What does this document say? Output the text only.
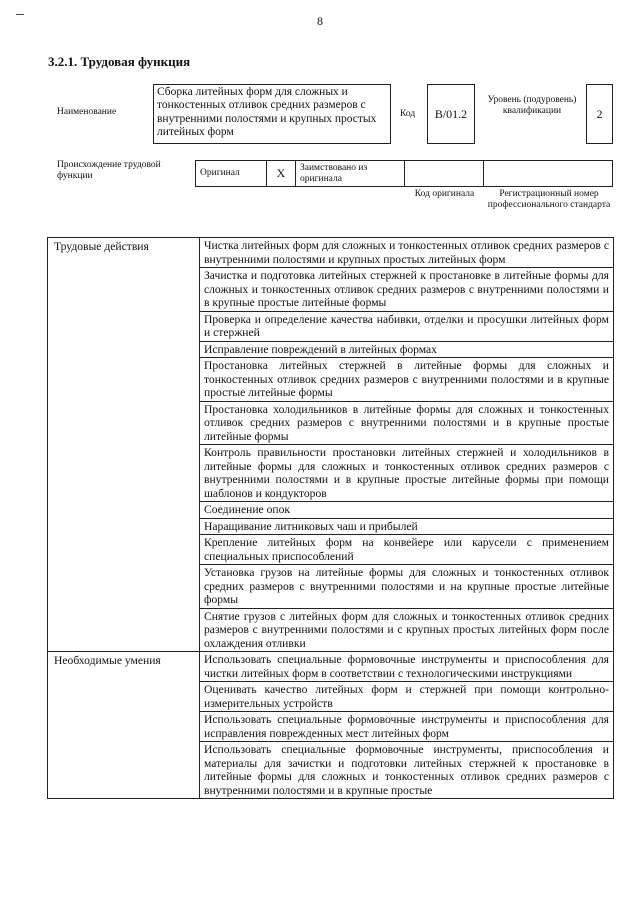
8
3.2.1. Трудовая функция
Наименование
Сборка литейных форм для сложных и тонкостенных отливок средних размеров с внутренними полостями и крупных простых литейных форм
Код	В/01.2
Уровень (подуровень) квалификации	2
Происхождение трудовой функции	Оригинал	X	Заимствовано из оригинала		
Код оригинала	Регистрационный номер профессионального стандарта
Трудовые действия	Чистка литейных форм для сложных и тонкостенных отливок средних размеров с внутренними полостями и крупных простых литейных форм
	Зачистка и подготовка литейных стержней к простановке в литейные формы для сложных и тонкостенных отливок средних размеров с внутренними полостями и в крупные простые литейные формы
	Проверка и определение качества набивки, отделки и просушки литейных форм и стержней
	Исправление повреждений в литейных формах
	Простановка литейных стержней в литейные формы для сложных и тонкостенных отливок средних размеров с внутренними полостями и в крупные простые литейные формы
	Простановка холодильников в литейные формы для сложных и тонкостенных отливок средних размеров с внутренними полостями и в крупные простые литейные формы
	Контроль правильности простановки литейных стержней и холодильников в литейные формы для сложных и тонкостенных отливок средних размеров с внутренними полостями и в крупные простые литейные формы при помощи шаблонов и кондукторов
	Соединение опок
	Наращивание литниковых чаш и прибылей
	Крепление литейных форм на конвейере или карусели с применением специальных приспособлений
	Установка грузов на литейные формы для сложных и тонкостенных отливок средних размеров с внутренними полостями и на крупные простые литейные формы
	Снятие грузов с литейных форм для сложных и тонкостенных отливок средних размеров с внутренними полостями и с крупных простых литейных форм после охлаждения отливки
Необходимые умения	Использовать специальные формовочные инструменты и приспособления для чистки литейных форм в соответствии с технологическими инструкциями
	Оценивать качество литейных форм и стержней при помощи контрольно-измерительных устройств
	Использовать специальные формовочные инструменты и приспособления для исправления поврежденных мест литейных форм
	Использовать специальные формовочные инструменты, приспособления и материалы для зачистки и подготовки литейных стержней к простановке в литейные формы для сложных и тонкостенных отливок средних размеров с внутренними полостями и в крупные простые
